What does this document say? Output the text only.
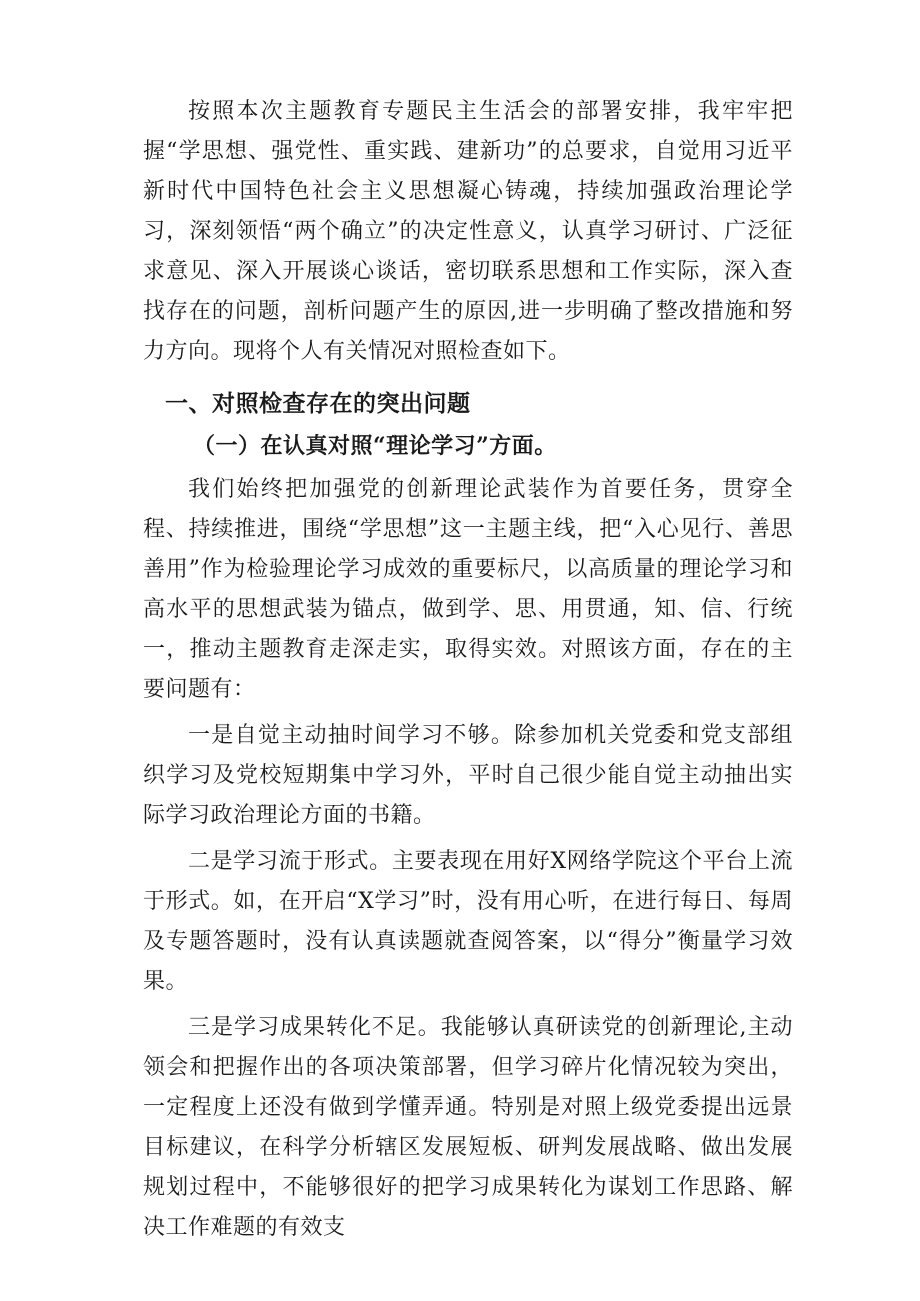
按照本次主题教育专题民主生活会的部署安排，我牢牢把握“学思想、强党性、重实践、建新功”的总要求，自觉用习近平新时代中国特色社会主义思想凝心铸魂，持续加强政治理论学习，深刻领悟“两个确立”的决定性意义，认真学习研讨、广泛征求意见、深入开展谈心谈话，密切联系思想和工作实际，深入查找存在的问题，剖析问题产生的原因,进一步明确了整改措施和努力方向。现将个人有关情况对照检查如下。

一、对照检查存在的突出问题
（一）在认真对照“理论学习”方面。

我们始终把加强党的创新理论武装作为首要任务，贯穿全程、持续推进，围绕“学思想”这一主题主线，把“入心见行、善思善用”作为检验理论学习成效的重要标尺，以高质量的理论学习和高水平的思想武装为锚点，做到学、思、用贯通，知、信、行统一，推动主题教育走深走实，取得实效。对照该方面，存在的主要问题有：

一是自觉主动抽时间学习不够。除参加机关党委和党支部组织学习及党校短期集中学习外，平时自己很少能自觉主动抽出实际学习政治理论方面的书籍。

二是学习流于形式。主要表现在用好X网络学院这个平台上流于形式。如，在开启“X学习”时，没有用心听，在进行每日、每周及专题答题时，没有认真读题就查阅答案，以“得分”衡量学习效果。

三是学习成果转化不足。我能够认真研读党的创新理论,主动领会和把握作出的各项决策部署，但学习碎片化情况较为突出，一定程度上还没有做到学懂弄通。特别是对照上级党委提出远景目标建议，在科学分析辖区发展短板、研判发展战略、做出发展规划过程中，不能够很好的把学习成果转化为谋划工作思路、解决工作难题的有效支
